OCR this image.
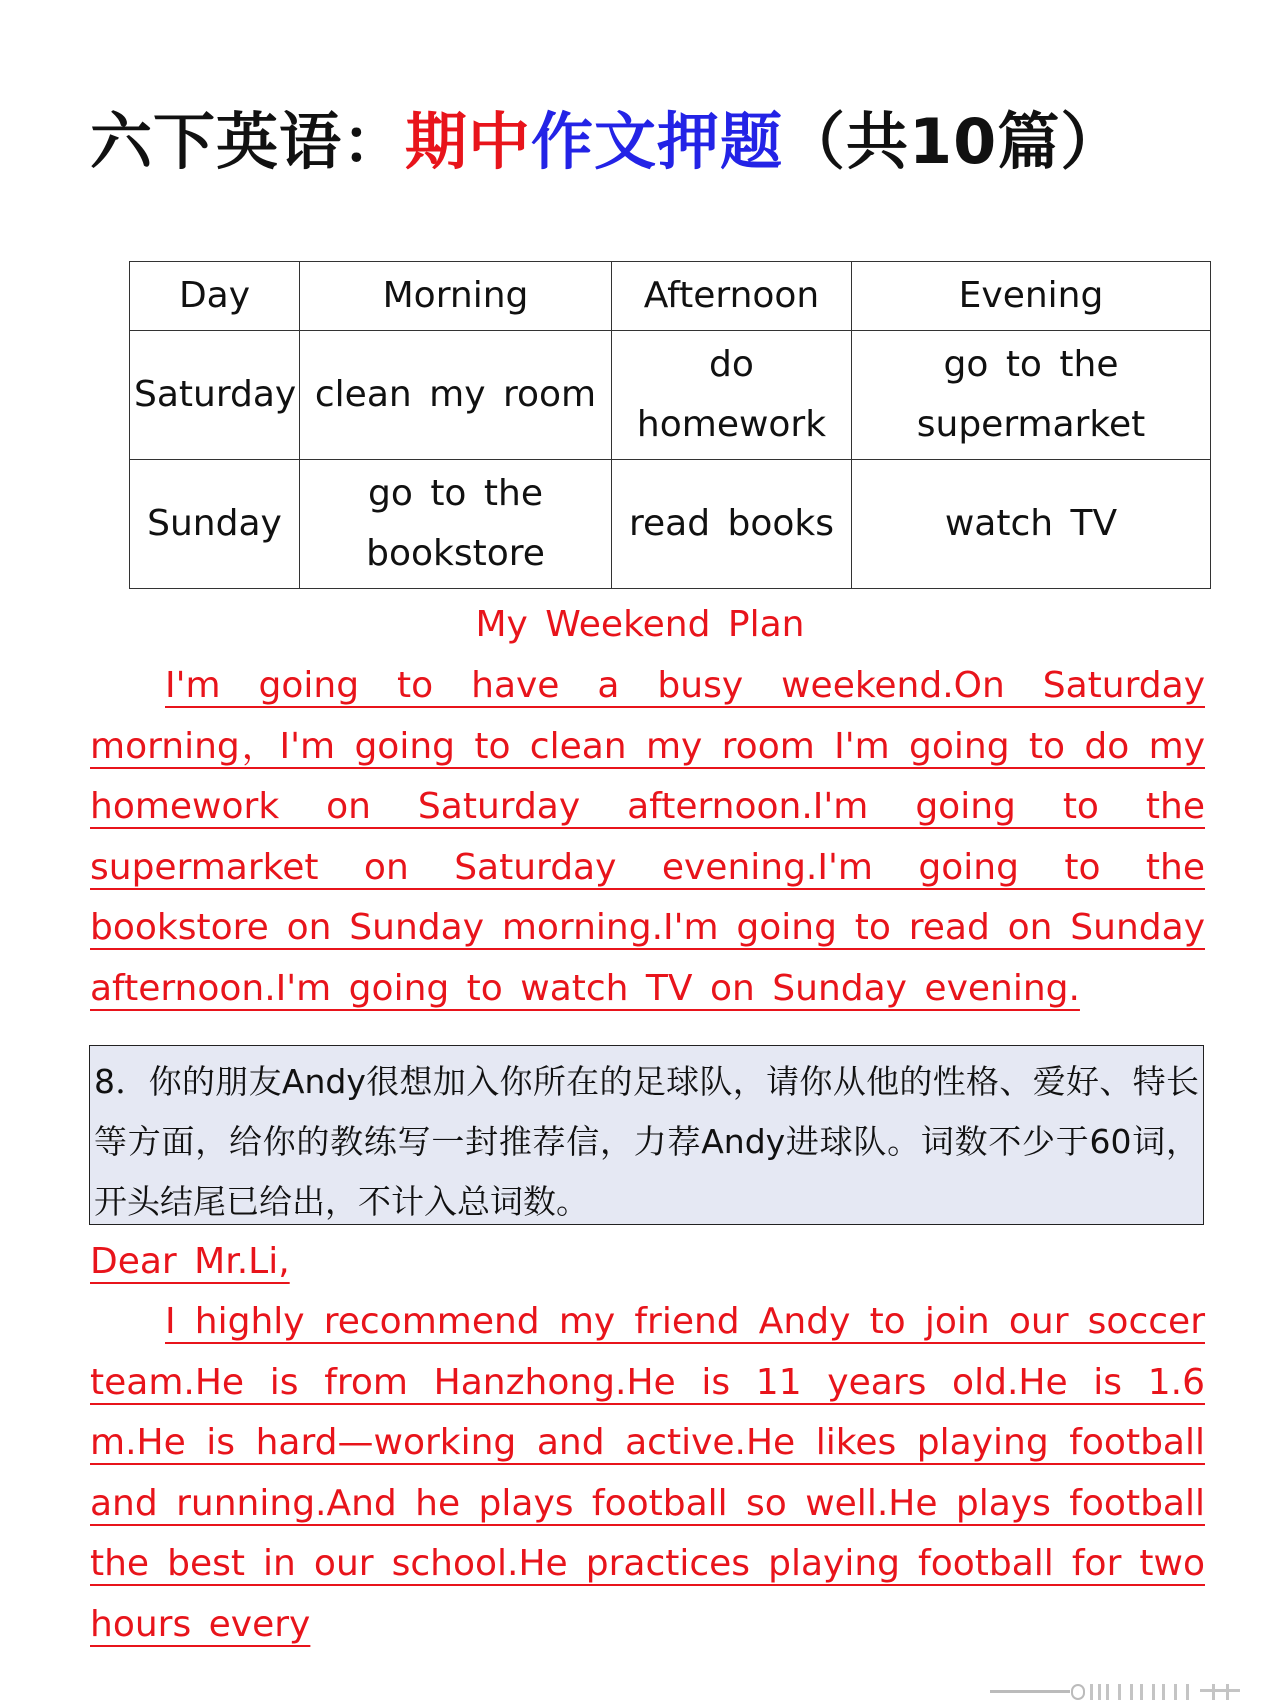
六下英语：期中作文押题（共10篇）
Day	Morning	Afternoon	Evening
Saturday	clean my room	do homework	go to the supermarket
Sunday	go to the bookstore	read books	watch TV
My Weekend Plan
I'm going to have a busy weekend.On Saturday morning，I'm going to clean my room I'm going to do my homework on Saturday afternoon.I'm going to the supermarket on Saturday evening.I'm going to the bookstore on Sunday morning.I'm going to read on Sunday afternoon.I'm going to watch TV on Sunday evening.
8．你的朋友Andy很想加入你所在的足球队，请你从他的性格、爱好、特长等方面，给你的教练写一封推荐信，力荐Andy进球队。词数不少于60词，开头结尾已给出，不计入总词数。
Dear Mr.Li,
I highly recommend my friend Andy to join our soccer team.He is from Hanzhong.He is 11 years old.He is 1.6 m.He is hard—working and active.He likes playing football and running.And he plays football so well.He plays football the best in our school.He practices playing football for two hours every
